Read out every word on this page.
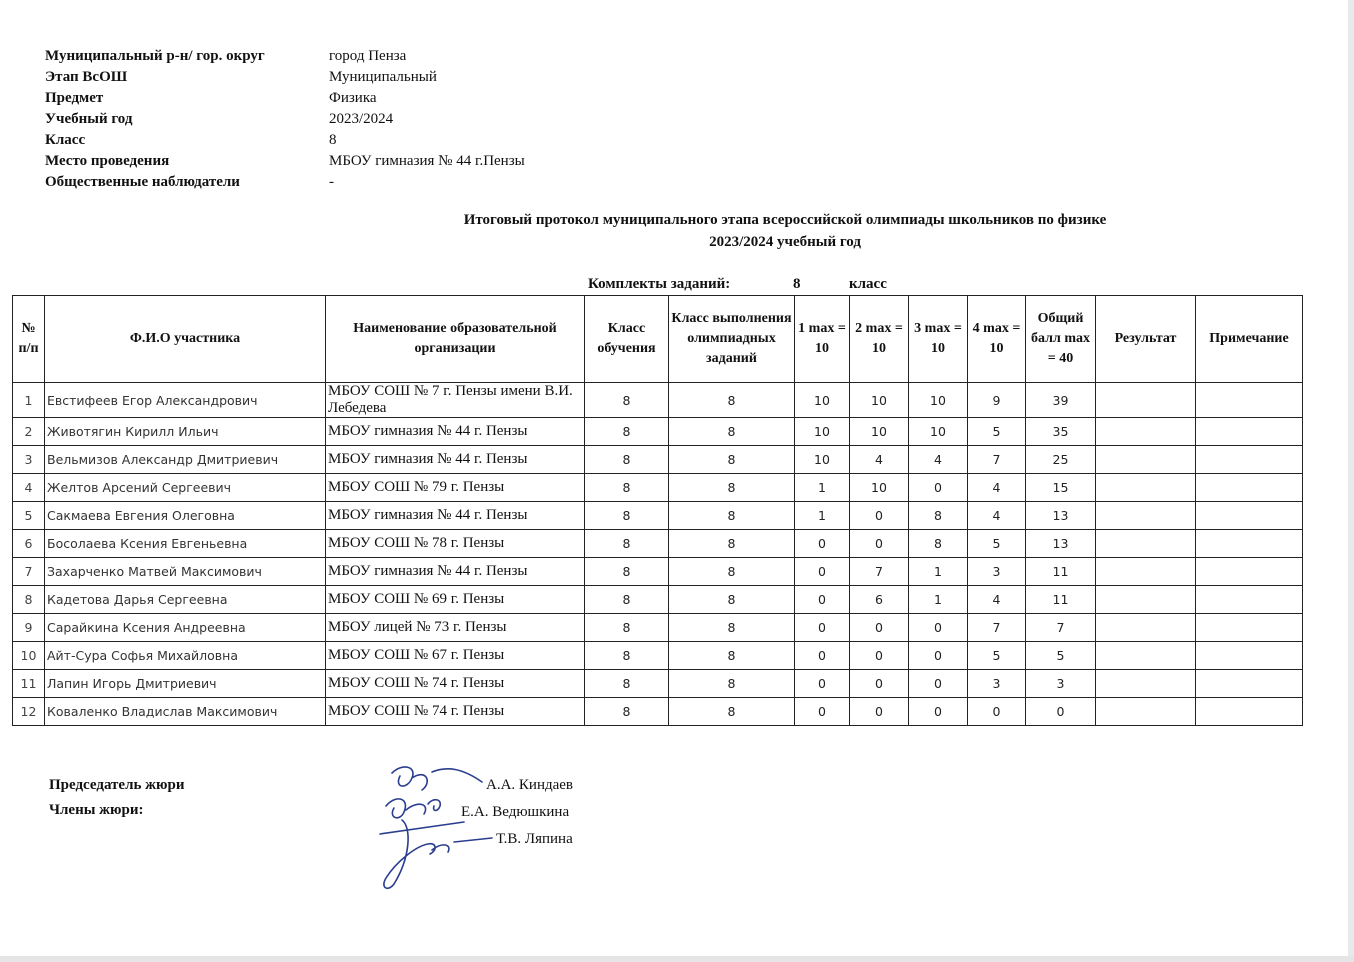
Муниципальный р-н/ гор. округ	город Пенза
Этап ВсОШ	Муниципальный
Предмет	Физика
Учебный год	2023/2024
Класс	8
Место проведения	МБОУ гимназия № 44 г.Пензы
Общественные наблюдатели	-
Итоговый протокол муниципального этапа всероссийской олимпиады школьников по физике
2023/2024 учебный год
Комплекты заданий:	8	класс
№ п/п	Ф.И.О участника	Наименование образовательной организации	Класс обучения	Класс выполнения олимпиадных заданий	1 max = 10	2 max = 10	3 max = 10	4 max = 10	Общий балл max = 40	Результат	Примечание
1	Евстифеев Егор Александрович	МБОУ СОШ № 7 г. Пензы имени В.И. Лебедева	8	8	10	10	10	9	39		
2	Животягин Кирилл Ильич	МБОУ гимназия № 44 г. Пензы	8	8	10	10	10	5	35		
3	Вельмизов Александр Дмитриевич	МБОУ гимназия № 44 г. Пензы	8	8	10	4	4	7	25		
4	Желтов Арсений Сергеевич	МБОУ СОШ № 79 г. Пензы	8	8	1	10	0	4	15		
5	Сакмаева Евгения Олеговна	МБОУ гимназия № 44 г. Пензы	8	8	1	0	8	4	13		
6	Босолаева Ксения Евгеньевна	МБОУ СОШ № 78 г. Пензы	8	8	0	0	8	5	13		
7	Захарченко Матвей Максимович	МБОУ гимназия № 44 г. Пензы	8	8	0	7	1	3	11		
8	Кадетова Дарья Сергеевна	МБОУ СОШ № 69 г. Пензы	8	8	0	6	1	4	11		
9	Сарайкина Ксения Андреевна	МБОУ лицей № 73 г. Пензы	8	8	0	0	0	7	7		
10	Айт-Сура Софья Михайловна	МБОУ СОШ № 67 г. Пензы	8	8	0	0	0	5	5		
11	Лапин Игорь Дмитриевич	МБОУ СОШ № 74 г. Пензы	8	8	0	0	0	3	3		
12	Коваленко Владислав Максимович	МБОУ СОШ № 74 г. Пензы	8	8	0	0	0	0	0		
Председатель жюри
Члены жюри:
А.А. Киндаев
Е.А. Ведюшкина
Т.В. Ляпина
